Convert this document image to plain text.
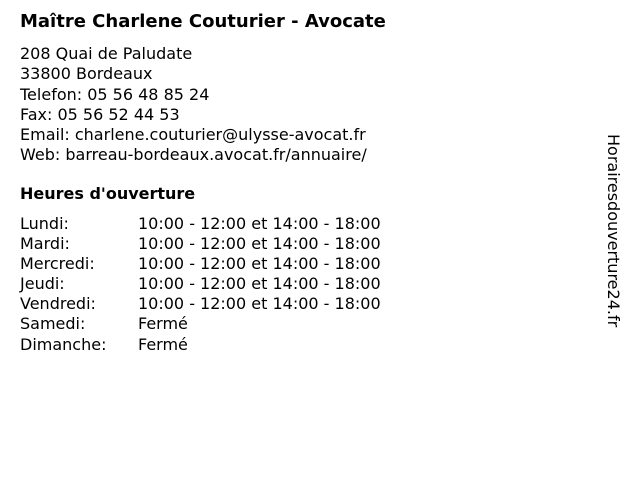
Maître Charlene Couturier - Avocate
208 Quai de Paludate
33800 Bordeaux
Telefon: 05 56 48 85 24
Fax: 05 56 52 44 53
Email: charlene.couturier@ulysse-avocat.fr
Web: barreau-bordeaux.avocat.fr/annuaire/
Heures d'ouverture
Lundi:	10:00 - 12:00 et 14:00 - 18:00
Mardi:	10:00 - 12:00 et 14:00 - 18:00
Mercredi:	10:00 - 12:00 et 14:00 - 18:00
Jeudi:	10:00 - 12:00 et 14:00 - 18:00
Vendredi:	10:00 - 12:00 et 14:00 - 18:00
Samedi:	Fermé
Dimanche:	Fermé
Horairesdouverture24.fr
